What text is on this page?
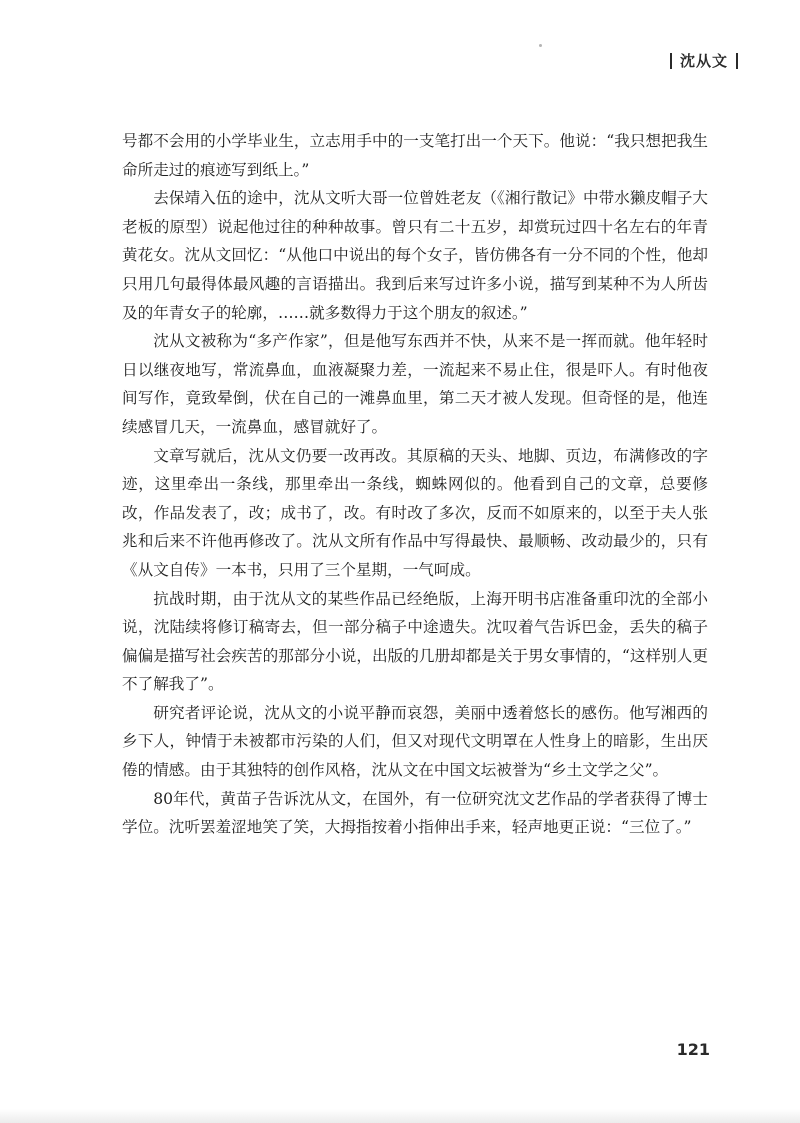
沈从文

号都不会用的小学毕业生，立志用手中的一支笔打出一个天下。他说：“我只想把我生命所走过的痕迹写到纸上。”

去保靖入伍的途中，沈从文听大哥一位曾姓老友（《湘行散记》中带水獭皮帽子大老板的原型）说起他过往的种种故事。曾只有二十五岁，却赏玩过四十名左右的年青黄花女。沈从文回忆：“从他口中说出的每个女子，皆仿佛各有一分不同的个性，他却只用几句最得体最风趣的言语描出。我到后来写过许多小说，描写到某种不为人所齿及的年青女子的轮廓，……就多数得力于这个朋友的叙述。”

沈从文被称为“多产作家”，但是他写东西并不快，从来不是一挥而就。他年轻时日以继夜地写，常流鼻血，血液凝聚力差，一流起来不易止住，很是吓人。有时他夜间写作，竟致晕倒，伏在自己的一滩鼻血里，第二天才被人发现。但奇怪的是，他连续感冒几天，一流鼻血，感冒就好了。

文章写就后，沈从文仍要一改再改。其原稿的天头、地脚、页边，布满修改的字迹，这里牵出一条线，那里牵出一条线，蜘蛛网似的。他看到自己的文章，总要修改，作品发表了，改；成书了，改。有时改了多次，反而不如原来的，以至于夫人张兆和后来不许他再修改了。沈从文所有作品中写得最快、最顺畅、改动最少的，只有《从文自传》一本书，只用了三个星期，一气呵成。

抗战时期，由于沈从文的某些作品已经绝版，上海开明书店准备重印沈的全部小说，沈陆续将修订稿寄去，但一部分稿子中途遗失。沈叹着气告诉巴金，丢失的稿子偏偏是描写社会疾苦的那部分小说，出版的几册却都是关于男女事情的，“这样别人更不了解我了”。

研究者评论说，沈从文的小说平静而哀怨，美丽中透着悠长的感伤。他写湘西的乡下人，钟情于未被都市污染的人们，但又对现代文明罩在人性身上的暗影，生出厌倦的情感。由于其独特的创作风格，沈从文在中国文坛被誉为“乡土文学之父”。

80年代，黄苗子告诉沈从文，在国外，有一位研究沈文艺作品的学者获得了博士学位。沈听罢羞涩地笑了笑，大拇指按着小指伸出手来，轻声地更正说：“三位了。”

121
